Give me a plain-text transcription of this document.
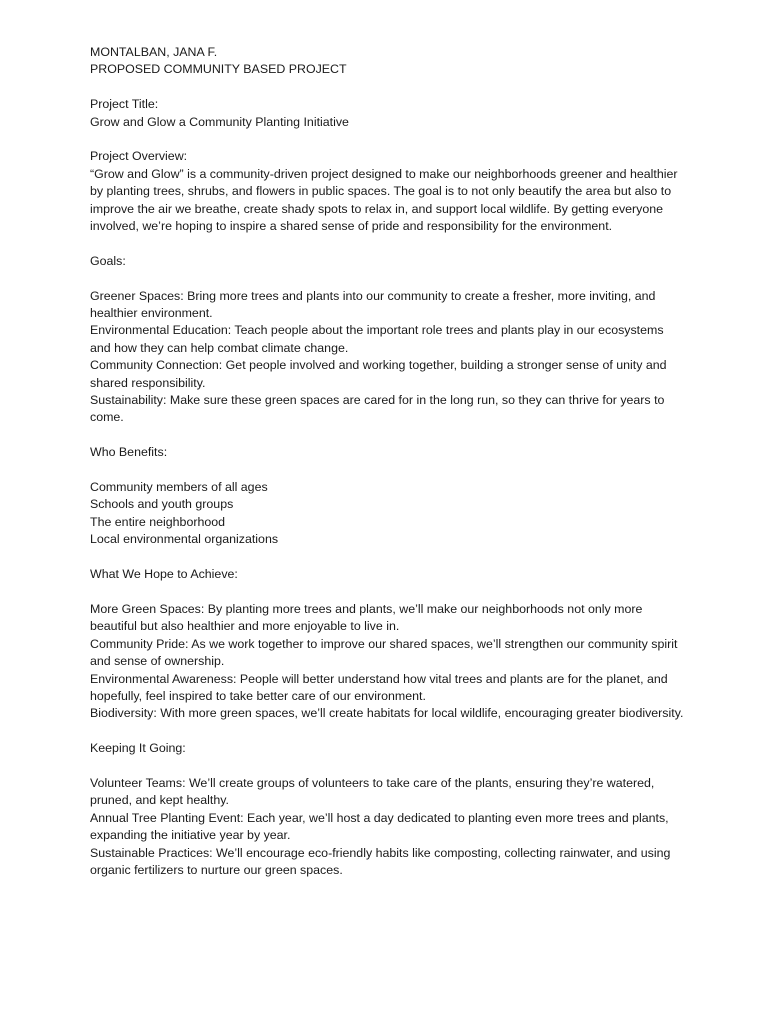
MONTALBAN, JANA F.

PROPOSED COMMUNITY BASED PROJECT

Project Title:

Grow and Glow a Community Planting Initiative

Project Overview:

“Grow and Glow” is a community-driven project designed to make our neighborhoods greener and healthier by planting trees, shrubs, and flowers in public spaces. The goal is to not only beautify the area but also to improve the air we breathe, create shady spots to relax in, and support local wildlife. By getting everyone involved, we’re hoping to inspire a shared sense of pride and responsibility for the environment.

Goals:

Greener Spaces: Bring more trees and plants into our community to create a fresher, more inviting, and healthier environment.

Environmental Education: Teach people about the important role trees and plants play in our ecosystems and how they can help combat climate change.

Community Connection: Get people involved and working together, building a stronger sense of unity and shared responsibility.

Sustainability: Make sure these green spaces are cared for in the long run, so they can thrive for years to come.

Who Benefits:

Community members of all ages

Schools and youth groups

The entire neighborhood

Local environmental organizations

What We Hope to Achieve:

More Green Spaces: By planting more trees and plants, we’ll make our neighborhoods not only more beautiful but also healthier and more enjoyable to live in.

Community Pride: As we work together to improve our shared spaces, we’ll strengthen our community spirit and sense of ownership.

Environmental Awareness: People will better understand how vital trees and plants are for the planet, and hopefully, feel inspired to take better care of our environment.

Biodiversity: With more green spaces, we’ll create habitats for local wildlife, encouraging greater biodiversity.

Keeping It Going:

Volunteer Teams: We’ll create groups of volunteers to take care of the plants, ensuring they’re watered, pruned, and kept healthy.

Annual Tree Planting Event: Each year, we’ll host a day dedicated to planting even more trees and plants, expanding the initiative year by year.

Sustainable Practices: We’ll encourage eco-friendly habits like composting, collecting rainwater, and using organic fertilizers to nurture our green spaces.
